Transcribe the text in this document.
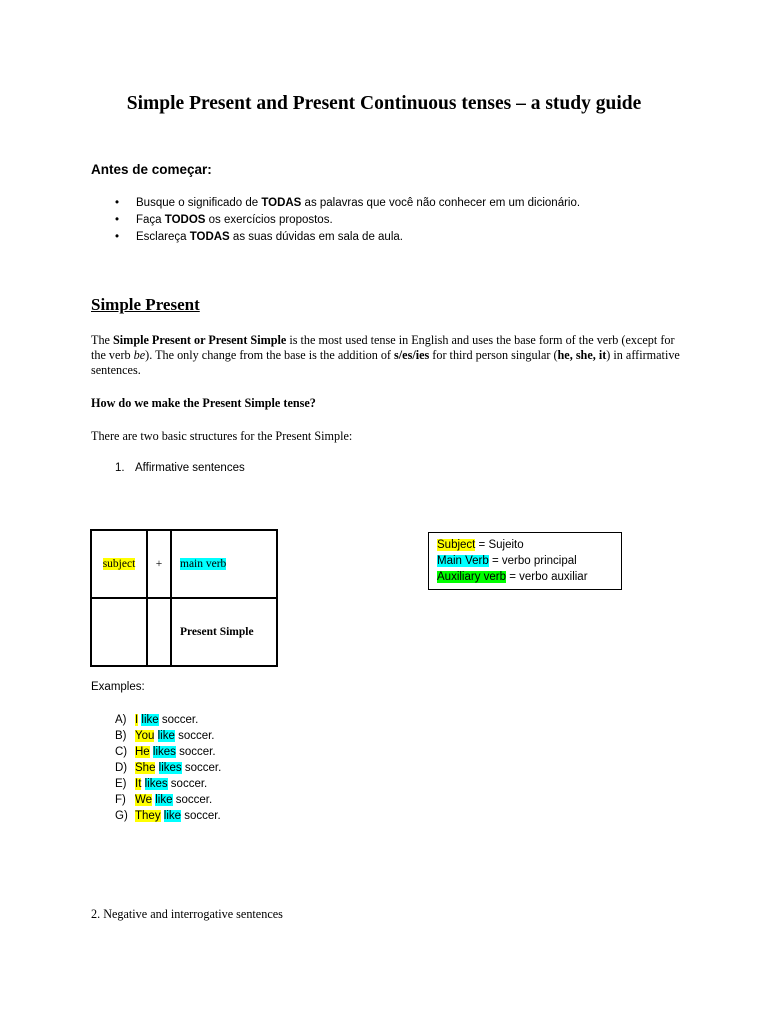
Simple Present and Present Continuous tenses – a study guide
Antes de começar:
• Busque o significado de TODAS as palavras que você não conhecer em um dicionário.
• Faça TODOS os exercícios propostos.
• Esclareça TODAS as suas dúvidas em sala de aula.
Simple Present
The Simple Present or Present Simple is the most used tense in English and uses the base form of the verb (except for the verb be). The only change from the base is the addition of s/es/ies for third person singular (he, she, it) in affirmative sentences.
How do we make the Present Simple tense?
There are two basic structures for the Present Simple:
1. Affirmative sentences
subject	+	main verb
		Present Simple
Subject = Sujeito
Main Verb = verbo principal
Auxiliary verb = verbo auxiliar
Examples:
A) I like soccer.
B) You like soccer.
C) He likes soccer.
D) She likes soccer.
E) It likes soccer.
F) We like soccer.
G) They like soccer.
2. Negative and interrogative sentences
